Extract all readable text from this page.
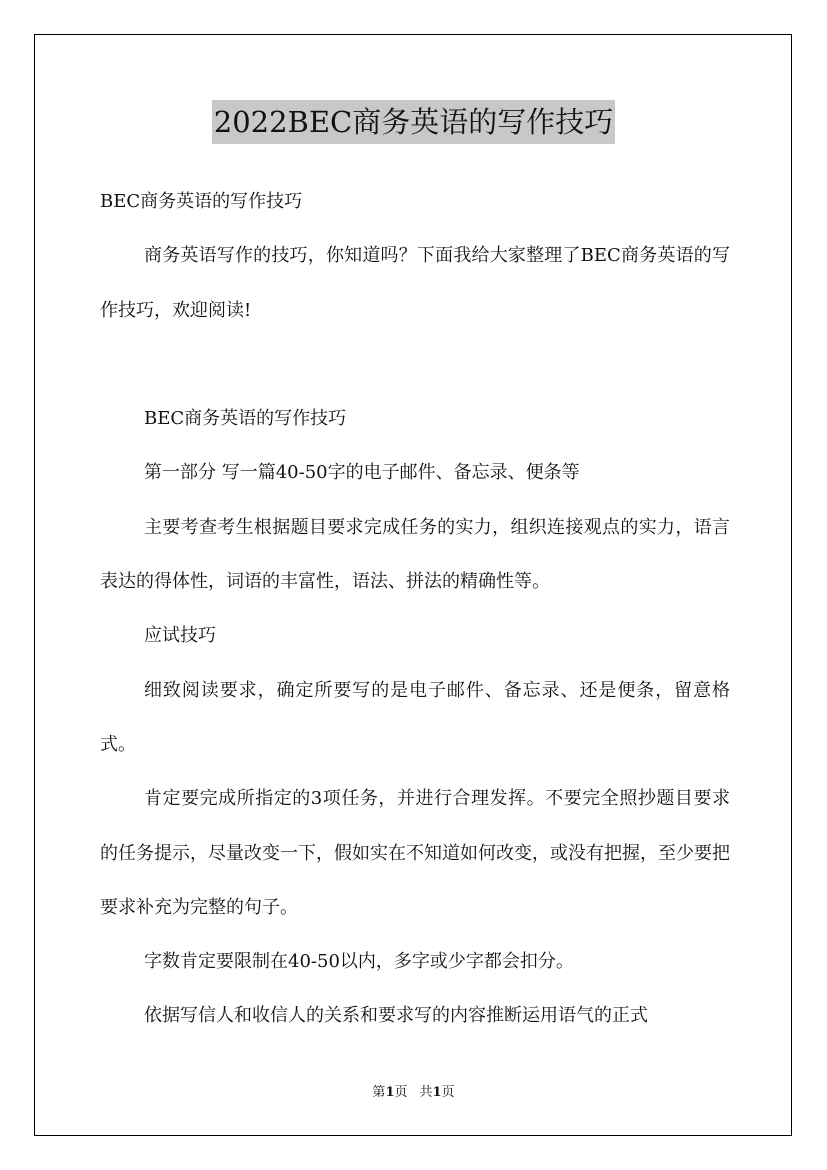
2022BEC商务英语的写作技巧

BEC商务英语的写作技巧

商务英语写作的技巧，你知道吗？下面我给大家整理了BEC商务英语的写作技巧，欢迎阅读!

BEC商务英语的写作技巧

第一部分 写一篇40-50字的电子邮件、备忘录、便条等

主要考查考生根据题目要求完成任务的实力，组织连接观点的实力，语言表达的得体性，词语的丰富性，语法、拼法的精确性等。

应试技巧

细致阅读要求，确定所要写的是电子邮件、备忘录、还是便条，留意格式。

肯定要完成所指定的3项任务，并进行合理发挥。不要完全照抄题目要求的任务提示，尽量改变一下，假如实在不知道如何改变，或没有把握，至少要把要求补充为完整的句子。

字数肯定要限制在40-50以内，多字或少字都会扣分。

依据写信人和收信人的关系和要求写的内容推断运用语气的正式

第1页 共1页
